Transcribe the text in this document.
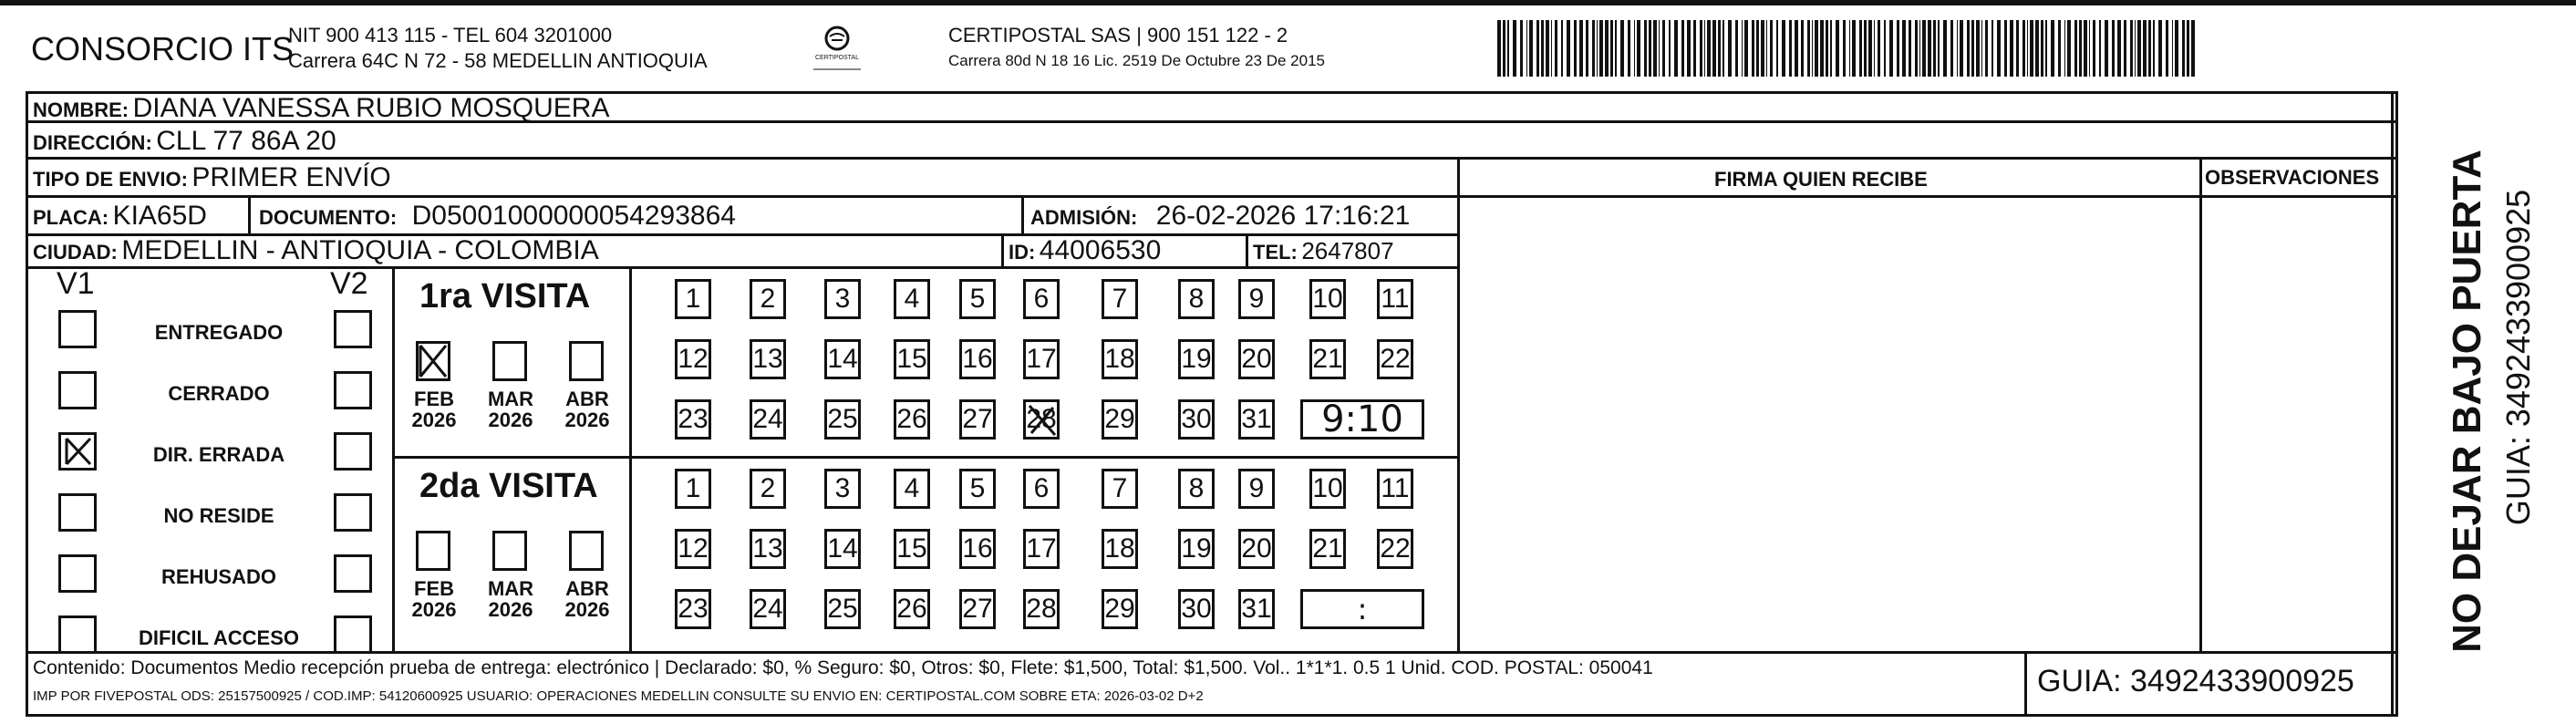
CONSORCIO ITS
NIT 900 413 115 - TEL 604 3201000
Carrera 64C N 72 - 58 MEDELLIN ANTIOQUIA	CERTIPOSTAL
CERTIPOSTAL SAS | 900 151 122 - 2
Carrera 80d N 18 16 Lic. 2519 De Octubre 23 De 2015
NOMBRE: DIANA VANESSA RUBIO MOSQUERA
DIRECCIÓN: CLL 77 86A 20
TIPO DE ENVIO: PRIMER ENVÍO	FIRMA QUIEN RECIBE	OBSERVACIONES
PLACA: KIA65D	DOCUMENTO: D05001000000054293864	ADMISIÓN: 26-02-2026 17:16:21
CIUDAD: MEDELLIN - ANTIOQUIA - COLOMBIA	ID: 44006530	TEL: 2647807
V1	V2
ENTREGADO
CERRADO
DIR. ERRADA
NO RESIDE
REHUSADO
DIFICIL ACCESO
1ra VISITA
2da VISITA
FEB
2026
MAR
2026
ABR
2026
1	2	3	4	5	6	7	8	9	10 11
12 13 14 15 16 17 18 19 20 21 22
23 24 25 26 27 28 29 30 31	9:10
FEB
2026
MAR
2026
ABR
2026
1	2	3	4	5	6	7	8	9	10 11
12 13 14 15 16 17 18 19 20 21 22
23 24 25 26 27 28 29 30 31	:
Contenido: Documentos Medio recepción prueba de entrega: electrónico | Declarado: $0, % Seguro: $0, Otros: $0, Flete: $1,500, Total: $1,500. Vol.. 1*1*1. 0.5 1 Unid. COD. POSTAL: 050041
IMP POR FIVEPOSTAL ODS: 25157500925 / COD.IMP: 54120600925 USUARIO: OPERACIONES MEDELLIN CONSULTE SU ENVIO EN: CERTIPOSTAL.COM SOBRE ETA: 2026-03-02 D+2	GUIA: 3492433900925
NO DEJAR BAJO PUERTA GUIA: 3492433900925
